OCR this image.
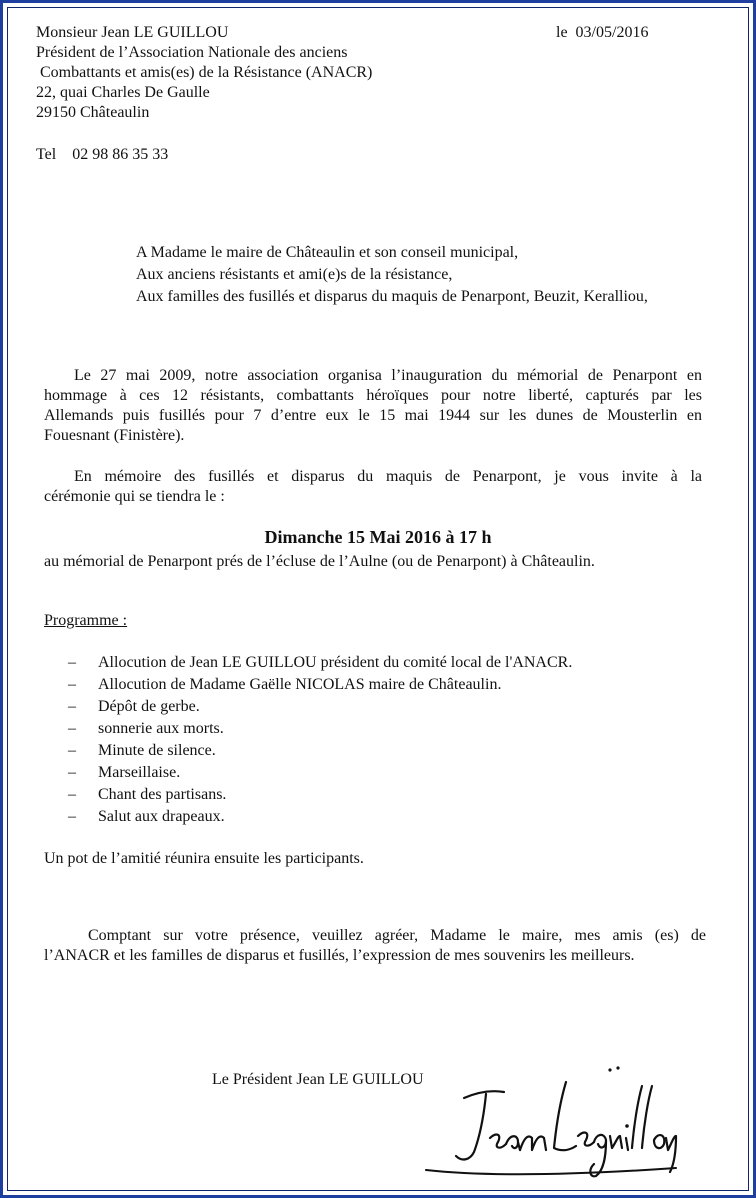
Monsieur Jean LE GUILLOU
Président de l’Association Nationale des anciens
Combattants et amis(es) de la Résistance (ANACR)
22, quai Charles De Gaulle
29150 Châteaulin
Tel    02 98 86 35 33
le  03/05/2016
A Madame le maire de Châteaulin et son conseil municipal,
Aux anciens résistants et ami(e)s de la résistance,
Aux familles des fusillés et disparus du maquis de Penarpont, Beuzit, Keralliou,
Le 27 mai 2009, notre association organisa l’inauguration du mémorial de Penarpont en
hommage à ces 12 résistants, combattants héroïques pour notre liberté, capturés par les
Allemands puis fusillés pour 7 d’entre eux le 15 mai 1944 sur les dunes de Mousterlin en
Fouesnant (Finistère).
En mémoire des fusillés et disparus du maquis de Penarpont, je vous invite à la
cérémonie qui se tiendra le :
Dimanche 15 Mai 2016 à 17 h
au mémorial de Penarpont prés de l’écluse de l’Aulne (ou de Penarpont) à Châteaulin.
Programme :
– Allocution de Jean LE GUILLOU président du comité local de l'ANACR.
– Allocution de Madame Gaëlle NICOLAS maire de Châteaulin.
– Dépôt de gerbe.
– sonnerie aux morts.
– Minute de silence.
– Marseillaise.
– Chant des partisans.
– Salut aux drapeaux.
Un pot de l’amitié réunira ensuite les participants.
Comptant sur votre présence, veuillez agréer, Madame le maire, mes amis (es) de
l’ANACR et les familles de disparus et fusillés, l’expression de mes souvenirs les meilleurs.
Le Président Jean LE GUILLOU
